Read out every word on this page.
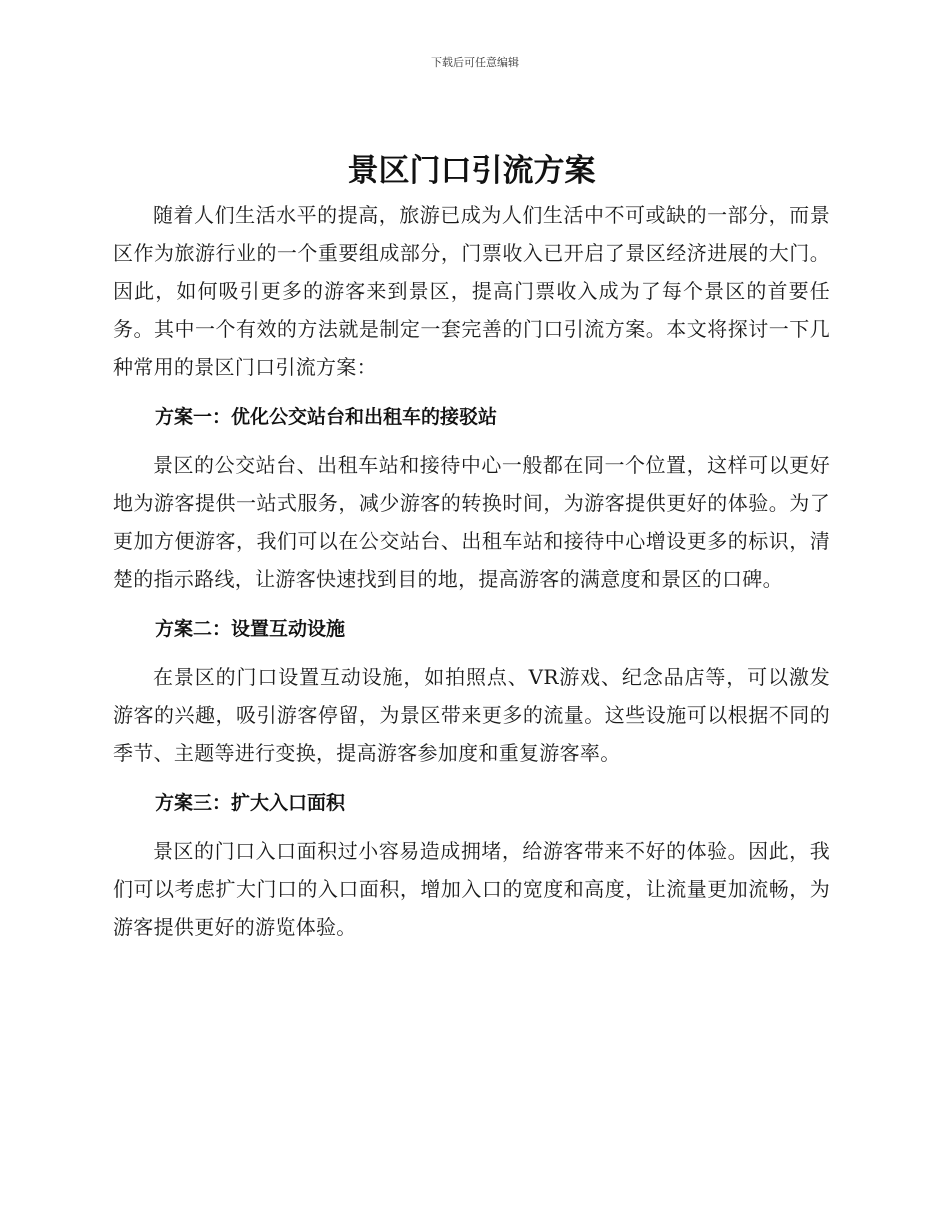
下载后可任意编辑
景区门口引流方案

随着人们生活水平的提高，旅游已成为人们生活中不可或缺的一部分，而景区作为旅游行业的一个重要组成部分，门票收入已开启了景区经济进展的大门。因此，如何吸引更多的游客来到景区，提高门票收入成为了每个景区的首要任务。其中一个有效的方法就是制定一套完善的门口引流方案。本文将探讨一下几种常用的景区门口引流方案：

方案一：优化公交站台和出租车的接驳站

景区的公交站台、出租车站和接待中心一般都在同一个位置，这样可以更好地为游客提供一站式服务，减少游客的转换时间，为游客提供更好的体验。为了更加方便游客，我们可以在公交站台、出租车站和接待中心增设更多的标识，清楚的指示路线，让游客快速找到目的地，提高游客的满意度和景区的口碑。

方案二：设置互动设施

在景区的门口设置互动设施，如拍照点、VR游戏、纪念品店等，可以激发游客的兴趣，吸引游客停留，为景区带来更多的流量。这些设施可以根据不同的季节、主题等进行变换，提高游客参加度和重复游客率。

方案三：扩大入口面积

景区的门口入口面积过小容易造成拥堵，给游客带来不好的体验。因此，我们可以考虑扩大门口的入口面积，增加入口的宽度和高度，让流量更加流畅，为游客提供更好的游览体验。
